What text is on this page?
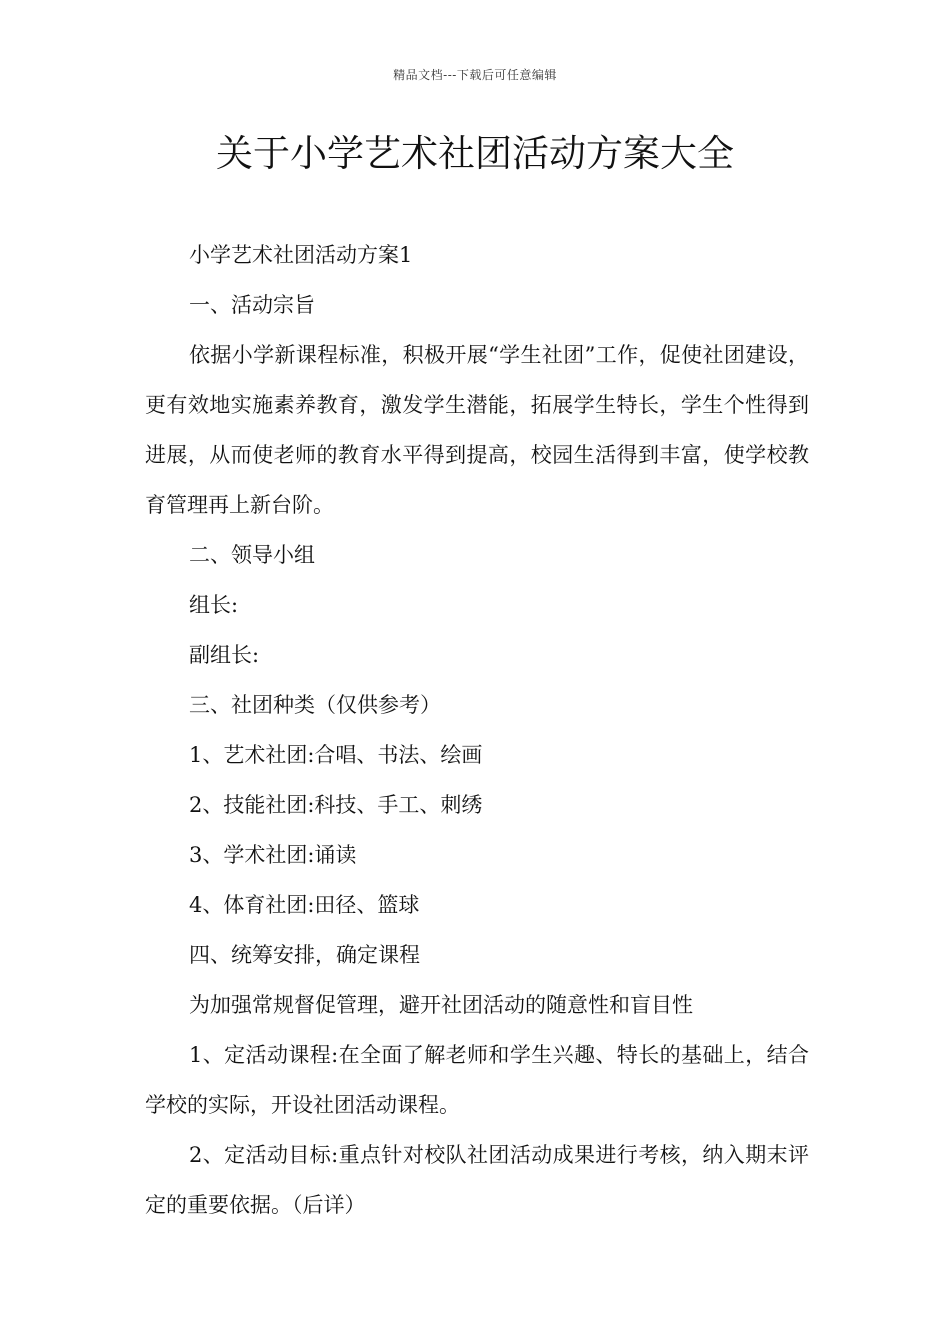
精品文档---下载后可任意编辑
关于小学艺术社团活动方案大全

小学艺术社团活动方案1

一、活动宗旨

依据小学新课程标准，积极开展“学生社团”工作，促使社团建设，更有效地实施素养教育，激发学生潜能，拓展学生特长，学生个性得到进展，从而使老师的教育水平得到提高，校园生活得到丰富，使学校教育管理再上新台阶。

二、领导小组

组长:

副组长:

三、社团种类（仅供参考）

1、艺术社团:合唱、书法、绘画

2、技能社团:科技、手工、刺绣

3、学术社团:诵读

4、体育社团:田径、篮球

四、统筹安排，确定课程

为加强常规督促管理，避开社团活动的随意性和盲目性

1、定活动课程:在全面了解老师和学生兴趣、特长的基础上，结合学校的实际，开设社团活动课程。

2、定活动目标:重点针对校队社团活动成果进行考核，纳入期末评定的重要依据。（后详）
